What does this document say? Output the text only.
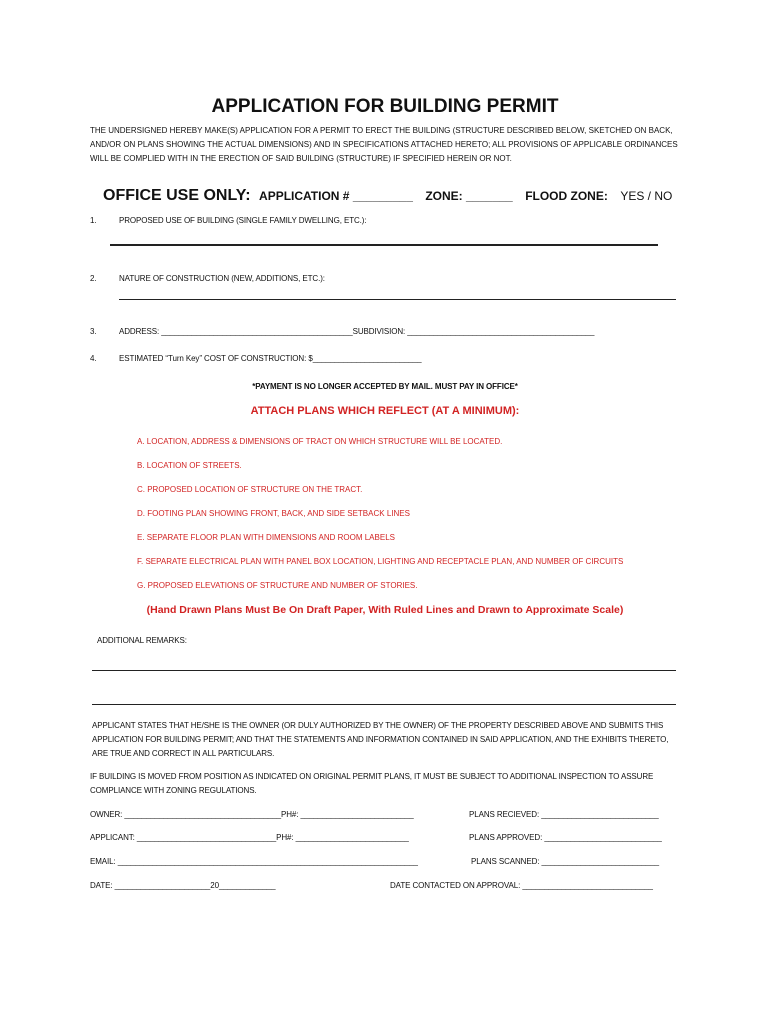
APPLICATION FOR BUILDING PERMIT
THE UNDERSIGNED HEREBY MAKE(S) APPLICATION FOR A PERMIT TO ERECT THE BUILDING (STRUCTURE DESCRIBED BELOW, SKETCHED ON BACK, AND/OR ON PLANS SHOWING THE ACTUAL DIMENSIONS) AND IN SPECIFICATIONS ATTACHED HERETO; ALL PROVISIONS OF APPLICABLE ORDINANCES WILL BE COMPLIED WITH IN THE ERECTION OF SAID BUILDING (STRUCTURE) IF SPECIFIED HEREIN OR NOT.
OFFICE USE ONLY: APPLICATION # _________ ZONE: _______ FLOOD ZONE: YES / NO
1.	PROPOSED USE OF BUILDING (SINGLE FAMILY DWELLING, ETC.):
2.	NATURE OF CONSTRUCTION (NEW, ADDITIONS, ETC.):
3.	ADDRESS: ____________________________________________SUBDIVISION: ___________________________________________
4.	ESTIMATED “Turn Key” COST OF CONSTRUCTION: $_________________________
*PAYMENT IS NO LONGER ACCEPTED BY MAIL. MUST PAY IN OFFICE*
ATTACH PLANS WHICH REFLECT (AT A MINIMUM):
A. LOCATION, ADDRESS & DIMENSIONS OF TRACT ON WHICH STRUCTURE WILL BE LOCATED.
B. LOCATION OF STREETS.
C. PROPOSED LOCATION OF STRUCTURE ON THE TRACT.
D. FOOTING PLAN SHOWING FRONT, BACK, AND SIDE SETBACK LINES
E. SEPARATE FLOOR PLAN WITH DIMENSIONS AND ROOM LABELS
F. SEPARATE ELECTRICAL PLAN WITH PANEL BOX LOCATION, LIGHTING AND RECEPTACLE PLAN, AND NUMBER OF CIRCUITS
G. PROPOSED ELEVATIONS OF STRUCTURE AND NUMBER OF STORIES.
(Hand Drawn Plans Must Be On Draft Paper, With Ruled Lines and Drawn to Approximate Scale)
ADDITIONAL REMARKS:
APPLICANT STATES THAT HE/SHE IS THE OWNER (OR DULY AUTHORIZED BY THE OWNER) OF THE PROPERTY DESCRIBED ABOVE AND SUBMITS THIS APPLICATION FOR BUILDING PERMIT; AND THAT THE STATEMENTS AND INFORMATION CONTAINED IN SAID APPLICATION, AND THE EXHIBITS THERETO, ARE TRUE AND CORRECT IN ALL PARTICULARS.
IF BUILDING IS MOVED FROM POSITION AS INDICATED ON ORIGINAL PERMIT PLANS, IT MUST BE SUBJECT TO ADDITIONAL INSPECTION TO ASSURE COMPLIANCE WITH ZONING REGULATIONS.
OWNER: ____________________________________PH#: __________________________	PLANS RECIEVED: ___________________________
APPLICANT: ________________________________PH#: __________________________	PLANS APPROVED: ___________________________
EMAIL: _____________________________________________________________________	PLANS SCANNED: ___________________________
DATE: ______________________20_____________	DATE CONTACTED ON APPROVAL: ______________________________
